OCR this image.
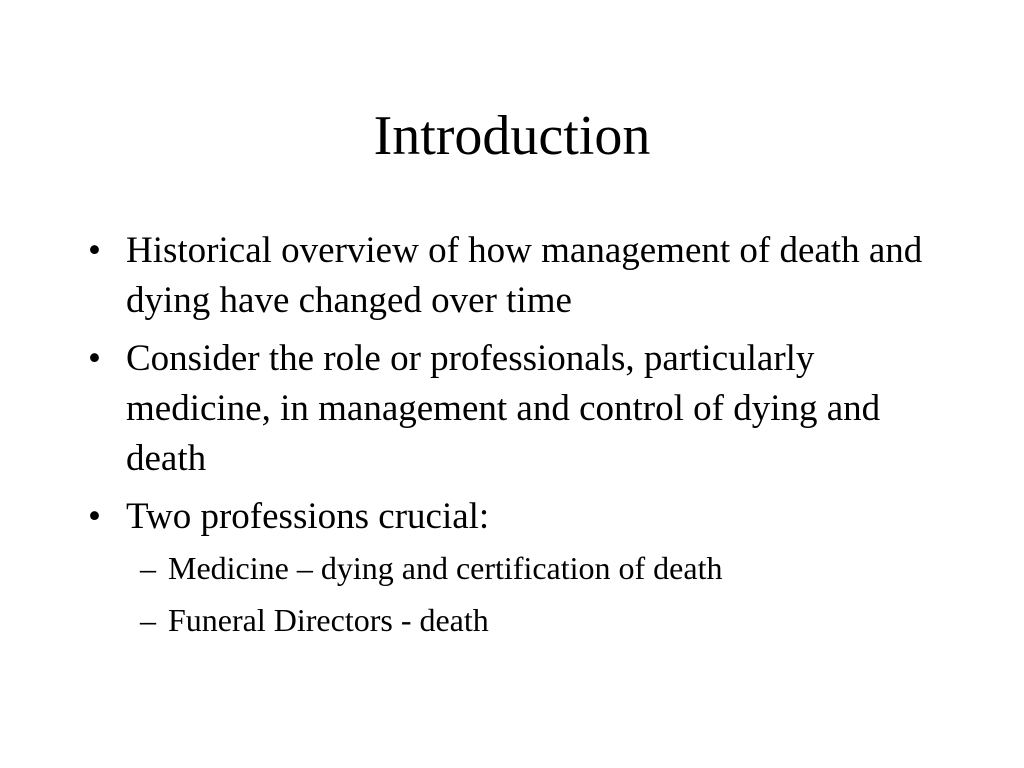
Introduction
• Historical overview of how management of death and dying have changed over time
• Consider the role or professionals, particularly medicine, in management and control of dying and death
• Two professions crucial:
– Medicine – dying and certification of death
– Funeral Directors - death
